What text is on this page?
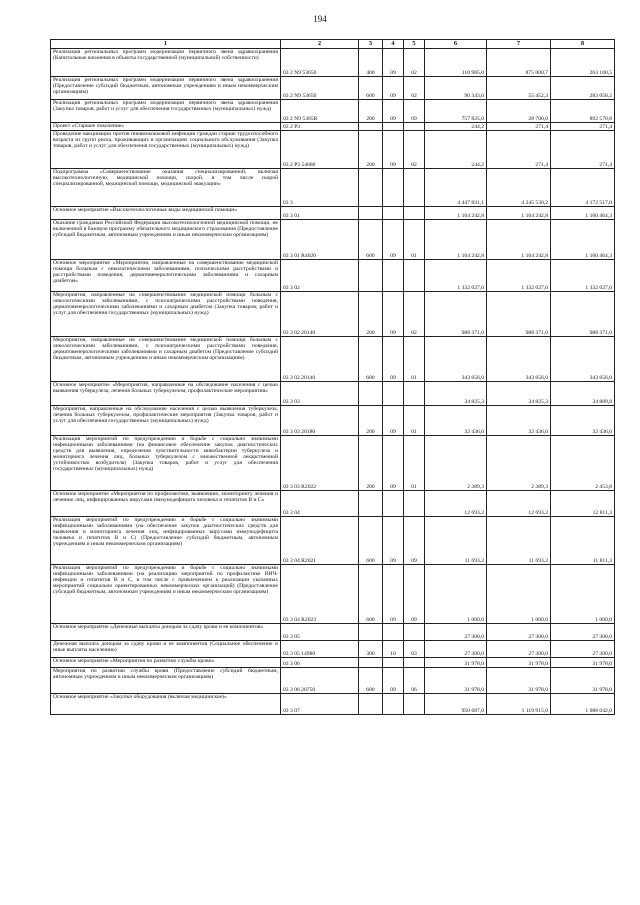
194
1	2	3	4	5	6	7	8
Реализация региональных программ модернизации первичного звена здравоохранения (Капитальные вложения в объекты государственной (муниципальной) собственности)	03 2 N9 53650	400	09	02	110 985,0	875 000,7	263 100,5
Реализация региональных программ модернизации первичного звена здравоохранения (Предоставление субсидий бюджетным, автономным учреждениям и иным некоммерческим организациям)	03 2 N9 53650	600	09	02	90 343,0	55 452,3	283 058,2
Реализация региональных программ модернизации первичного звена здравоохранения (Закупка товаров, работ и услуг для обеспечения государственных (муниципальных) нужд)	03 2 N9 5365R	200	09	09	757 825,0	28 700,0	892 570,8
Проект «Старшее поколение»	03 2 P3				244,2	271,4	271,4
Проведение вакцинации против пневмококковой инфекции граждан старше трудоспособного возраста из групп риска, проживающих в организациях социального обслуживания (Закупка товаров, работ и услуг для обеспечения государственных (муниципальных) нужд)	03 2 P3 54680	200	09	02	244,2	271,4	271,4
Подпрограмма «Совершенствование оказания специализированной, включая высокотехнологичную, медицинской помощи, скорой, в том числе скорой специализированной, медицинской помощи, медицинской эвакуации»	03 3				4 447 831,1	4 245 530,2	4 172 517,0
Основное мероприятие «Высокотехнологичные виды медицинской помощи»	03 3 01				1 164 242,8	1 164 242,8	1 160 464,3
Оказание гражданам Российской Федерации высокотехнологичной медицинской помощи, не включенной в базовую программу обязательного медицинского страхования (Предоставление субсидий бюджетным, автономным учреждениям и иным некоммерческим организациям)	03 3 01 R4020	600	09	01	1 164 242,8	1 164 242,8	1 160 464,3
Основное мероприятие «Мероприятия, направленные на совершенствование медицинской помощи больным с онкологическими заболеваниями, психическими расстройствами и расстройствами поведения, дерматовенерологическими заболеваниями и сахарным диабетом»	03 3 02				1 332 027,0	1 332 027,0	1 332 027,0
Мероприятия, направленные на совершенствование медицинской помощи больным с онкологическими заболеваниями, с психиатрическими расстройствами поведения, дерматовенерологическими заболеваниями и сахарным диабетом (Закупка товаров, работ и услуг для обеспечения государственных (муниципальных) нужд)	03 3 02 20140	200	09	02	988 371,0	988 371,0	988 371,0
Мероприятия, направленные на совершенствование медицинской помощи больным с онкологическими заболеваниями, с психиатрическими расстройствами поведения, дерматовенерологическими заболеваниями и сахарным диабетом (Предоставление субсидий бюджетным, автономным учреждениям и иным некоммерческим организациям)	03 3 02 20140	600	09	01	343 656,0	343 656,0	343 656,0
Основное мероприятие «Мероприятия, направленные на обследование населения с целью выявления туберкулеза, лечения больных туберкулезом, профилактические мероприятия»	03 3 03				34 825,3	34 825,3	34 889,8
Мероприятия, направленные на обследование населения с целью выявления туберкулеза, лечения больных туберкулезом, профилактические мероприятия (Закупка товаров, работ и услуг для обеспечения государственных (муниципальных) нужд)	03 3 03 20180	200	09	01	32 436,0	32 436,0	32 436,0
Реализация мероприятий по предупреждению и борьбе с социально значимыми инфекционными заболеваниями (на финансовое обеспечение закупок диагностических средств для выявления, определения чувствительности микобактерии туберкулеза и мониторинга лечения лиц, больных туберкулезом с множественной лекарственной устойчивостью возбудителя) (Закупка товаров, работ и услуг для обеспечения государственных (муниципальных) нужд)	03 3 03 R2022	200	09	01	2 389,3	2 389,3	2 453,8
Основное мероприятие «Мероприятия по профилактике, выявлению, мониторингу лечения и лечению лиц, инфицированных вирусами иммунодефицита человека и гепатитов В и С»	03 3 04				12 693,2	12 693,2	12 811,3
Реализация мероприятий по предупреждению и борьбе с социально значимыми инфекционными заболеваниями (на обеспечение закупок диагностических средств для выявления и мониторинга лечения лиц, инфицированных вирусами иммунодефицита человека и гепатитов В и С) (Предоставление субсидий бюджетным, автономным учреждениям и иным некоммерческим организациям)	03 3 04 R2021	600	09	09	11 693,2	11 693,2	11 811,3
Реализация мероприятий по предупреждению и борьбе с социально значимыми инфекционными заболеваниями (на реализацию мероприятий по профилактике ВИЧ-инфекции и гепатитов В и С, в том числе с привлечением к реализации указанных мероприятий социально ориентированных некоммерческих организаций) (Предоставление субсидий бюджетным, автономным учреждениям и иным некоммерческим организациям)	03 3 04 R2023	600	09	09	1 000,0	1 000,0	1 000,0
Основное мероприятие «Денежные выплаты донорам за сдачу крови и ее компонентов»	03 3 05				27 300,0	27 300,0	27 300,0
Денежная выплата донорам за сдачу крови и ее компонентов (Социальное обеспечение и иные выплаты населению)	03 3 05 14980	300	10	03	27 300,0	27 300,0	27 300,0
Основное мероприятие «Мероприятия по развитию службы крови»	03 3 06				31 978,0	31 978,0	31 978,0
Мероприятия по развитию службы крови (Предоставление субсидий бюджетным, автономным учреждениям и иным некоммерческим организациям)	03 3 06 20750	600	09	06	31 978,0	31 978,0	31 978,0
Основное мероприятие «Закупки оборудования (включая медицинское)»	03 3 07				950 687,0	1 119 915,0	1 088 042,0
